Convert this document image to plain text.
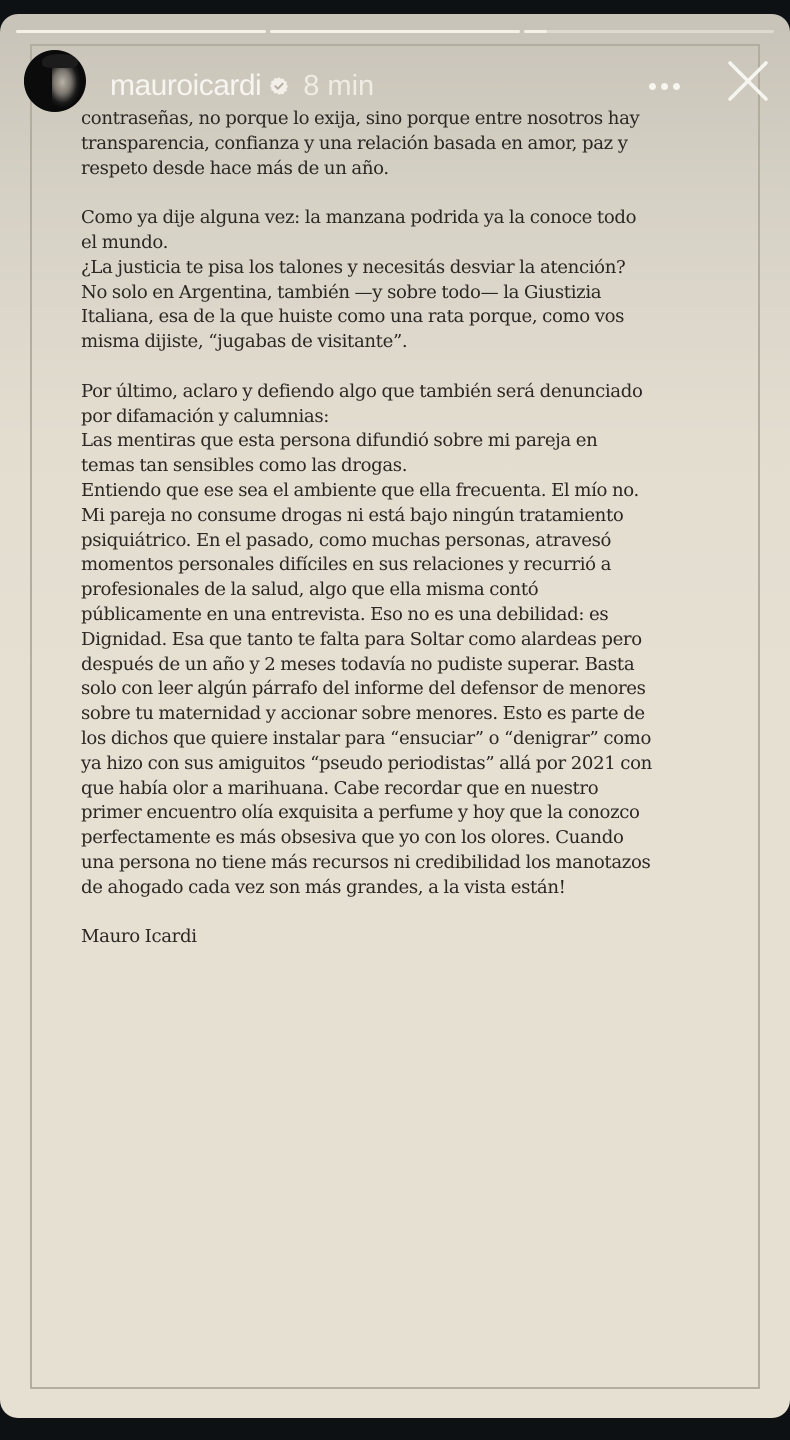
contraseñas, no porque lo exija, sino porque entre nosotros hay
transparencia, confianza y una relación basada en amor, paz y
respeto desde hace más de un año.
Como ya dije alguna vez: la manzana podrida ya la conoce todo
el mundo.
¿La justicia te pisa los talones y necesitás desviar la atención?
No solo en Argentina, también —y sobre todo— la Giustizia
Italiana, esa de la que huiste como una rata porque, como vos
misma dijiste, “jugabas de visitante”.
Por último, aclaro y defiendo algo que también será denunciado
por difamación y calumnias:
Las mentiras que esta persona difundió sobre mi pareja en
temas tan sensibles como las drogas.
Entiendo que ese sea el ambiente que ella frecuenta. El mío no.
Mi pareja no consume drogas ni está bajo ningún tratamiento
psiquiátrico. En el pasado, como muchas personas, atravesó
momentos personales difíciles en sus relaciones y recurrió a
profesionales de la salud, algo que ella misma contó
públicamente en una entrevista. Eso no es una debilidad: es
Dignidad. Esa que tanto te falta para Soltar como alardeas pero
después de un año y 2 meses todavía no pudiste superar. Basta
solo con leer algún párrafo del informe del defensor de menores
sobre tu maternidad y accionar sobre menores. Esto es parte de
los dichos que quiere instalar para “ensuciar” o “denigrar” como
ya hizo con sus amiguitos “pseudo periodistas” allá por 2021 con
que había olor a marihuana. Cabe recordar que en nuestro
primer encuentro olía exquisita a perfume y hoy que la conozco
perfectamente es más obsesiva que yo con los olores. Cuando
una persona no tiene más recursos ni credibilidad los manotazos
de ahogado cada vez son más grandes, a la vista están!
Mauro Icardi
mauroicardi 8 min
